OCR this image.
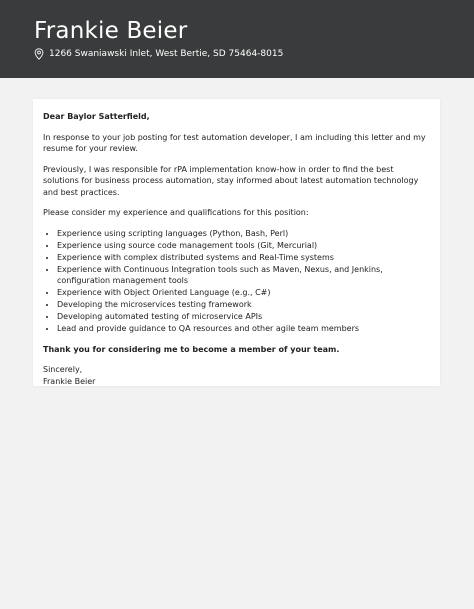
Frankie Beier
1266 Swaniawski Inlet, West Bertie, SD 75464-8015
Dear Baylor Satterfield,
In response to your job posting for test automation developer, I am including this letter and my resume for your review.
Previously, I was responsible for rPA implementation know-how in order to find the best solutions for business process automation, stay informed about latest automation technology and best practices.
Please consider my experience and qualifications for this position:
• Experience using scripting languages (Python, Bash, Perl)
• Experience using source code management tools (Git, Mercurial)
• Experience with complex distributed systems and Real-Time systems
• Experience with Continuous Integration tools such as Maven, Nexus, and Jenkins, configuration management tools
• Experience with Object Oriented Language (e.g., C#)
• Developing the microservices testing framework
• Developing automated testing of microservice APIs
• Lead and provide guidance to QA resources and other agile team members
Thank you for considering me to become a member of your team.
Sincerely,
Frankie Beier
